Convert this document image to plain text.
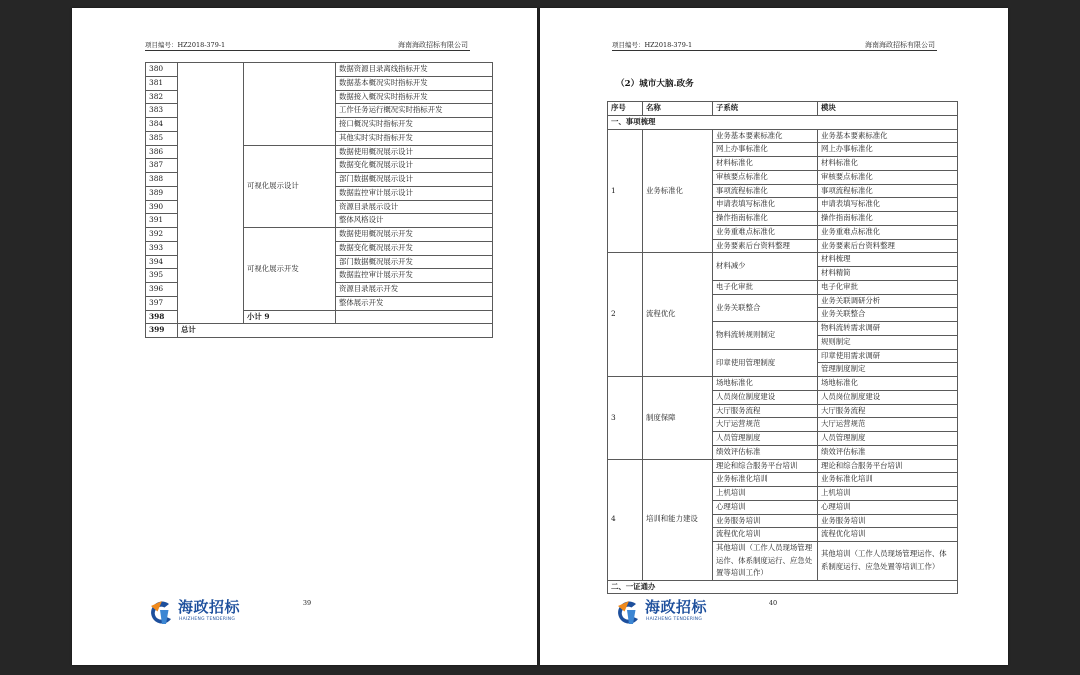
项目编号：HZ2018-379-1	海南海政招标有限公司
380			数据资源目录离线指标开发
381			数据基本概况实时指标开发
382			数据接入概况实时指标开发
383			工作任务运行概况实时指标开发
384			接口概况实时指标开发
385			其他实时实时指标开发
386		可视化展示设计	数据使用概况展示设计
387			数据变化概况展示设计
388			部门数据概况展示设计
389			数据监控审计展示设计
390			资源目录展示设计
391			整体风格设计
392		可视化展示开发	数据使用概况展示开发
393			数据变化概况展示开发
394			部门数据概况展示开发
395			数据监控审计展示开发
396			资源目录展示开发
397			整体展示开发
398		小计 9	
399	总计		
39
海政招标
HAIZHENG TENDERING
项目编号：HZ2018-379-1	海南海政招标有限公司
（2）城市大脑.政务
序号	名称	子系统	模块
一、事项梳理			
1	业务标准化	业务基本要素标准化	业务基本要素标准化
		网上办事标准化	网上办事标准化
		材料标准化	材料标准化
		审核要点标准化	审核要点标准化
		事项流程标准化	事项流程标准化
		申请表填写标准化	申请表填写标准化
		操作指南标准化	操作指南标准化
		业务重难点标准化	业务重难点标准化
		业务要素后台资料整理	业务要素后台资料整理
2	流程优化	材料减少	材料梳理
			材料精简
		电子化审批	电子化审批
		业务关联整合	业务关联调研分析
			业务关联整合
		物料流转规则制定	物料流转需求调研
			规则制定
		印章使用管理制度	印章使用需求调研
			管理制度制定
3	制度保障	场地标准化	场地标准化
		人员岗位制度建设	人员岗位制度建设
		大厅服务流程	大厅服务流程
		大厅运营规范	大厅运营规范
		人员管理制度	人员管理制度
		绩效评估标准	绩效评估标准
4	培训和能力建设	理论和综合服务平台培训	理论和综合服务平台培训
		业务标准化培训	业务标准化培训
		上机培训	上机培训
		心理培训	心理培训
		业务服务培训	业务服务培训
		流程优化培训	流程优化培训
		其他培训（工作人员现场管理运作、体系制度运行、应急处置等培训工作）	其他培训（工作人员现场管理运作、体系制度运行、应急处置等培训工作）
二、一证通办			
40
海政招标
HAIZHENG TENDERING
